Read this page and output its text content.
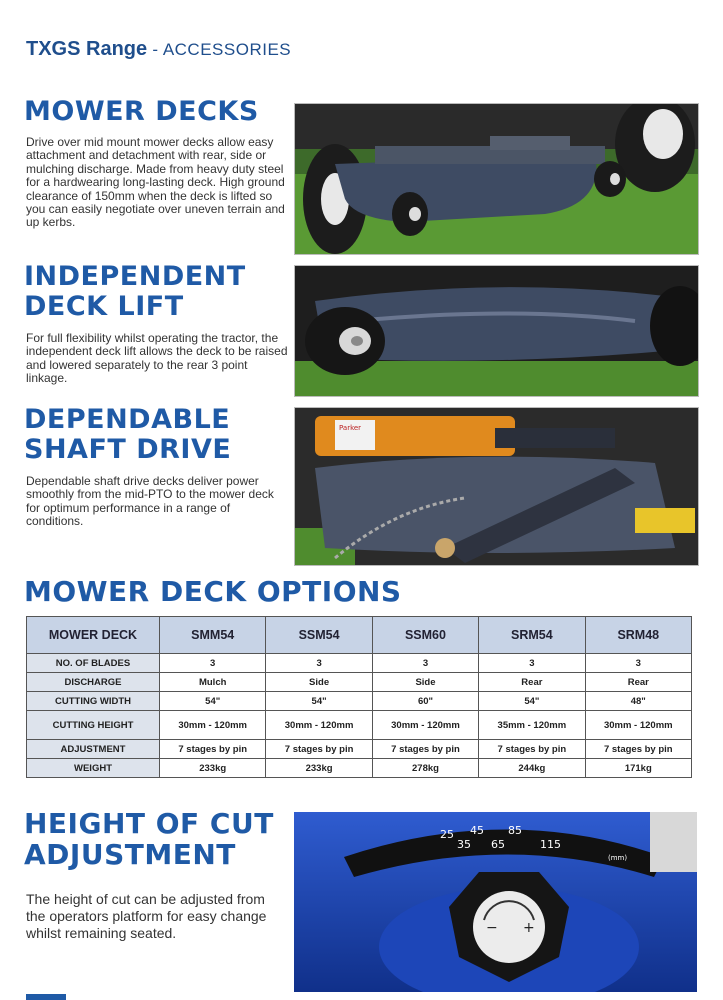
TXGS Range - ACCESSORIES
MOWER DECKS

Drive over mid mount mower decks allow easy attachment and detachment with rear, side or mulching discharge. Made from heavy duty steel for a hardwearing long-lasting deck. High ground clearance of 150mm when the deck is lifted so you can easily negotiate over uneven terrain and up kerbs.

INDEPENDENT
DECK LIFT

For full flexibility whilst operating the tractor, the independent deck lift allows the deck to be raised and lowered separately to the rear 3 point linkage.

DEPENDABLE
SHAFT DRIVE

Dependable shaft drive decks deliver power smoothly from the mid-PTO to the mower deck for optimum performance in a range of conditions.

Parker
MOWER DECK OPTIONS
MOWER DECK	SMM54	SSM54	SSM60	SRM54	SRM48
NO. OF BLADES	3	3	3	3	3
DISCHARGE	Mulch	Side	Side	Rear	Rear
CUTTING WIDTH	54"	54"	60"	54"	48"
CUTTING HEIGHT	30mm - 120mm	30mm - 120mm	30mm - 120mm	35mm - 120mm	30mm - 120mm
ADJUSTMENT	7 stages by pin	7 stages by pin	7 stages by pin	7 stages by pin	7 stages by pin
WEIGHT	233kg	233kg	278kg	244kg	171kg
HEIGHT OF CUT
ADJUSTMENT

The height of cut can be adjusted from the operators platform for easy change whilst remaining seated.

25 45 85
35 65	115
(mm)
− +
